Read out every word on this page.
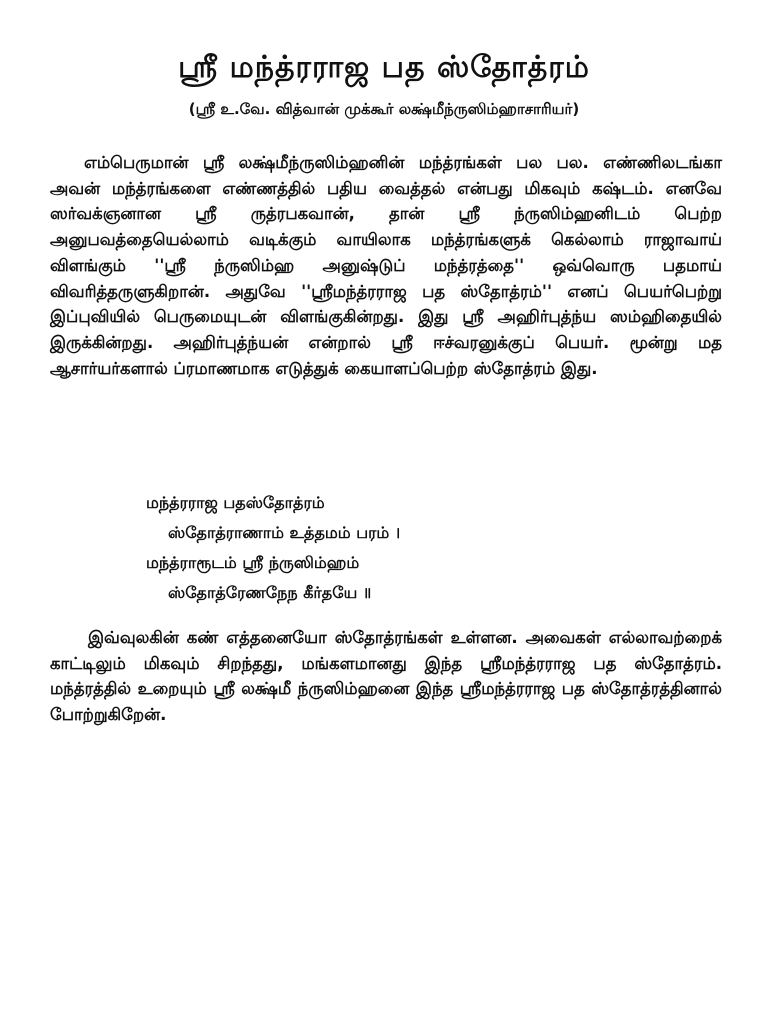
ஸ்ரீ மந்த்ரராஜ பத ஸ்தோத்ரம்

(ஸ்ரீ உ.வே. வித்வான் முக்கூர் லக்ஷ்மீந்ருஸிம்ஹாசாரியர்)

எம்பெருமான் ஸ்ரீ லக்ஷ்மீந்ருஸிம்ஹனின் மந்த்ரங்கள் பல பல. எண்ணிலடங்கா அவன் மந்த்ரங்களை எண்ணத்தில் பதிய வைத்தல் என்பது மிகவும் கஷ்டம். எனவே ஸர்வக்ஞனான ஸ்ரீ ருத்ரபகவான், தான் ஸ்ரீ ந்ருஸிம்ஹனிடம் பெற்ற அனுபவத்தையெல்லாம் வடிக்கும் வாயிலாக மந்த்ரங்களுக் கெல்லாம் ராஜாவாய் விளங்கும் ''ஸ்ரீ ந்ருஸிம்ஹ அனுஷ்டுப் மந்த்ரத்தை'' ஒவ்வொரு பதமாய் விவரித்தருளுகிறான். அதுவே ''ஸ்ரீமந்த்ரராஜ பத ஸ்தோத்ரம்'' எனப் பெயர்பெற்று இப்புவியில் பெருமையுடன் விளங்குகின்றது. இது ஸ்ரீ அஹிர்புத்ந்ய ஸம்ஹிதையில் இருக்கின்றது. அஹிர்புத்ந்யன் என்றால் ஸ்ரீ ஈச்வரனுக்குப் பெயர். மூன்று மத ஆசார்யர்களால் ப்ரமாணமாக எடுத்துக் கையாளப்பெற்ற ஸ்தோத்ரம் இது.

மந்த்ரராஜ பதஸ்தோத்ரம்
ஸ்தோத்ராணாம் உத்தமம் பரம் ।
மந்த்ராரூடம் ஸ்ரீ ந்ருஸிம்ஹம்
ஸ்தோத்ரேணநேந கீர்தயே ॥

இவ்வுலகின் கண் எத்தனையோ ஸ்தோத்ரங்கள் உள்ளன. அவைகள் எல்லாவற்றைக் காட்டிலும் மிகவும் சிறந்தது, மங்களமானது இந்த ஸ்ரீமந்த்ரராஜ பத ஸ்தோத்ரம். மந்த்ரத்தில் உறையும் ஸ்ரீ லக்ஷ்மீ ந்ருஸிம்ஹனை இந்த ஸ்ரீமந்த்ரராஜ பத ஸ்தோத்ரத்தினால் போற்றுகிறேன்.
